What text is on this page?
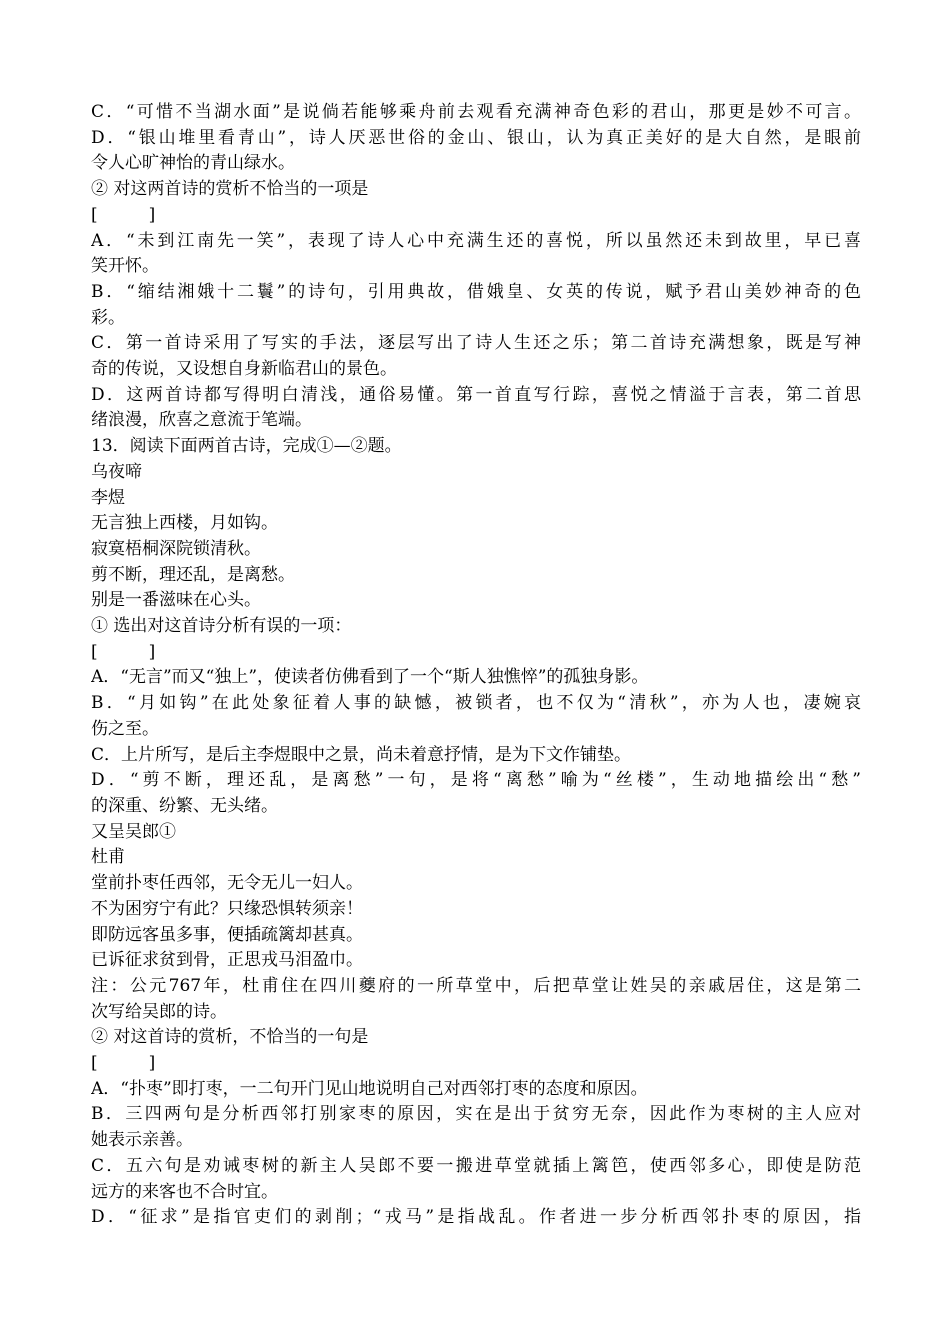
C．“可惜不当湖水面”是说倘若能够乘舟前去观看充满神奇色彩的君山，那更是妙不可言。
D．“银山堆里看青山”，诗人厌恶世俗的金山、银山，认为真正美好的是大自然，是眼前
令人心旷神怡的青山绿水。
② 对这两首诗的赏析不恰当的一项是
[　　　]
A．“未到江南先一笑”，表现了诗人心中充满生还的喜悦，所以虽然还未到故里，早已喜
笑开怀。
B．“缩结湘娥十二鬟”的诗句，引用典故，借娥皇、女英的传说，赋予君山美妙神奇的色
彩。
C．第一首诗采用了写实的手法，逐层写出了诗人生还之乐；第二首诗充满想象，既是写神
奇的传说，又设想自身新临君山的景色。
D．这两首诗都写得明白清浅，通俗易懂。第一首直写行踪，喜悦之情溢于言表，第二首思
绪浪漫，欣喜之意流于笔端。
13．阅读下面两首古诗，完成①—②题。
乌夜啼
李煜
无言独上西楼，月如钩。
寂寞梧桐深院锁清秋。
剪不断，理还乱，是离愁。
别是一番滋味在心头。
① 选出对这首诗分析有误的一项：
[　　　]
A．“无言”而又“独上”，使读者仿佛看到了一个“斯人独憔悴”的孤独身影。
B．“月如钩”在此处象征着人事的缺憾，被锁者，也不仅为“清秋”，亦为人也，凄婉哀
伤之至。
C．上片所写，是后主李煜眼中之景，尚未着意抒情，是为下文作铺垫。
D．“剪不断，理还乱，是离愁”一句，是将“离愁”喻为“丝楼”，生动地描绘出“愁”
的深重、纷繁、无头绪。
又呈吴郎①
杜甫
堂前扑枣任西邻，无令无儿一妇人。
不为困穷宁有此？只缘恐惧转须亲！
即防远客虽多事，便插疏篱却甚真。
已诉征求贫到骨，正思戎马泪盈巾。
注：公元767年，杜甫住在四川夔府的一所草堂中，后把草堂让姓吴的亲戚居住，这是第二
次写给吴郎的诗。
② 对这首诗的赏析，不恰当的一句是
[　　　]
A．“扑枣”即打枣，一二句开门见山地说明自己对西邻打枣的态度和原因。
B．三四两句是分析西邻打别家枣的原因，实在是出于贫穷无奈，因此作为枣树的主人应对
她表示亲善。
C．五六句是劝诫枣树的新主人吴郎不要一搬进草堂就插上篱笆，使西邻多心，即使是防范
远方的来客也不合时宜。
D．“征求”是指官吏们的剥削；“戎马”是指战乱。作者进一步分析西邻扑枣的原因，指
